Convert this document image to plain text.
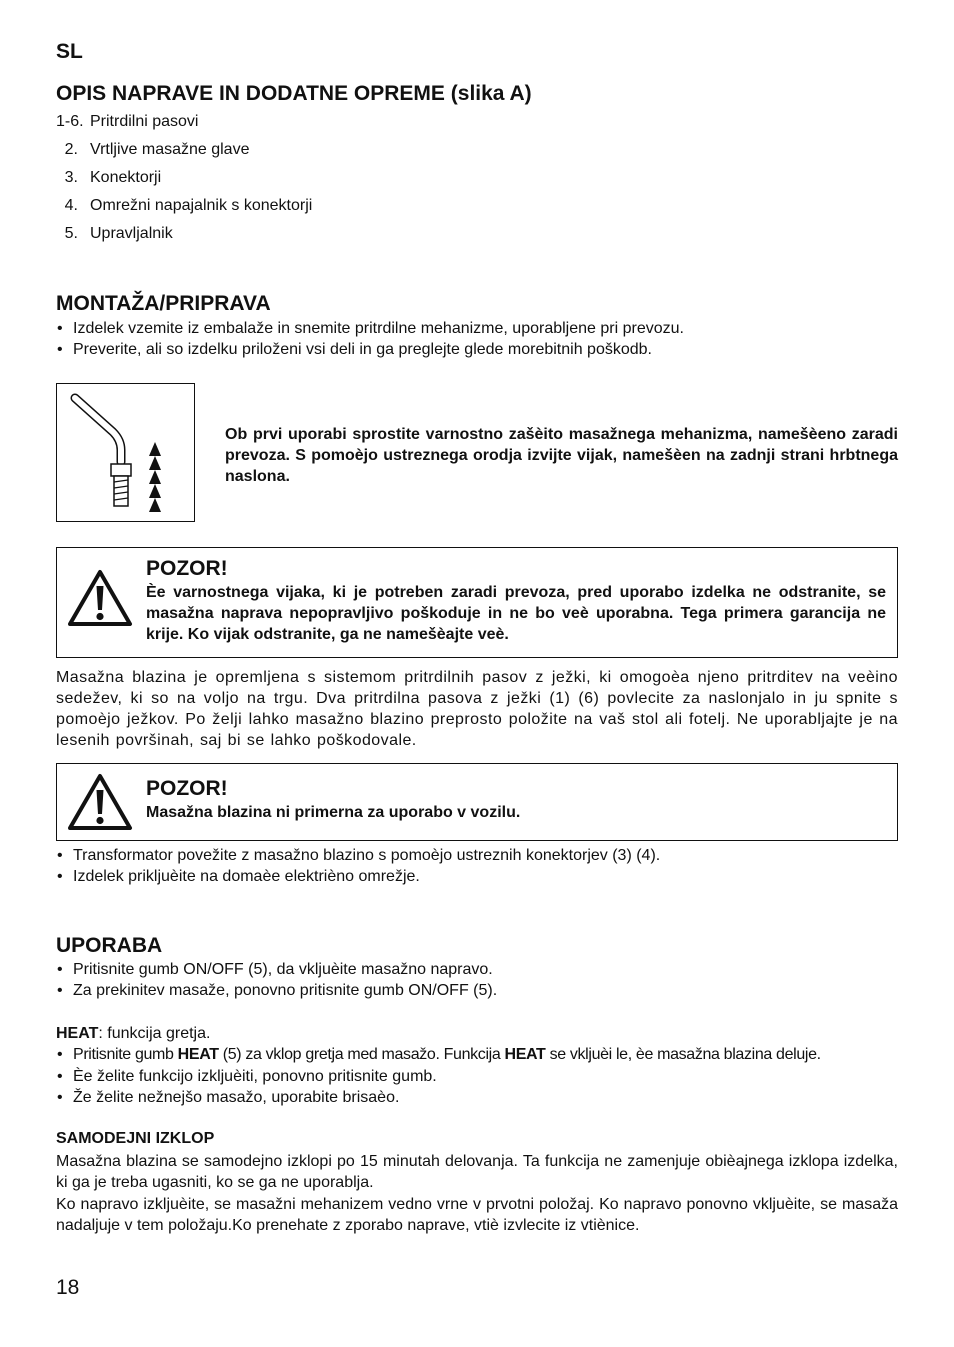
SL
OPIS NAPRAVE IN DODATNE OPREME (slika A)
1-6. Pritrdilni pasovi
2. Vrtljive masažne glave
3. Konektorji
4. Omrežni napajalnik s konektorji
5. Upravljalnik
MONTAŽA/PRIPRAVA
• Izdelek vzemite iz embalaže in snemite pritrdilne mehanizme, uporabljene pri prevozu.
• Preverite, ali so izdelku priloženi vsi deli in ga preglejte glede morebitnih poškodb.
Ob prvi uporabi sprostite varnostno zašèito masažnega mehanizma, namešèeno zaradi prevoza. S pomoèjo ustreznega orodja izvijte vijak, namešèen na zadnji strani hrbtnega naslona.
POZOR!
Èe varnostnega vijaka, ki je potreben zaradi prevoza, pred uporabo izdelka ne odstranite, se masažna naprava nepopravljivo poškoduje in ne bo veè uporabna. Tega primera garancija ne krije. Ko vijak odstranite, ga ne namešèajte veè.
Masažna blazina je opremljena s sistemom pritrdilnih pasov z ježki, ki omogoèa njeno pritrditev na veèino sedežev, ki so na voljo na trgu. Dva pritrdilna pasova z ježki (1) (6) povlecite za naslonjalo in ju spnite s pomoèjo ježkov. Po želji lahko masažno blazino preprosto položite na vaš stol ali fotelj. Ne uporabljajte je na lesenih površinah, saj bi se lahko poškodovale.
POZOR!
Masažna blazina ni primerna za uporabo v vozilu.
• Transformator povežite z masažno blazino s pomoèjo ustreznih konektorjev (3) (4).
• Izdelek prikljuèite na domaèe elektrièno omrežje.
UPORABA
• Pritisnite gumb ON/OFF (5), da vkljuèite masažno napravo.
• Za prekinitev masaže, ponovno pritisnite gumb ON/OFF (5).
HEAT: funkcija gretja.
• Pritisnite gumb HEAT (5) za vklop gretja med masažo. Funkcija HEAT se vkljuèi le, èe masažna blazina deluje.
• Èe želite funkcijo izkljuèiti, ponovno pritisnite gumb.
• Že želite nežnejšo masažo, uporabite brisaèo.
SAMODEJNI IZKLOP
Masažna blazina se samodejno izklopi po 15 minutah delovanja. Ta funkcija ne zamenjuje obièajnega izklopa izdelka, ki ga je treba ugasniti, ko se ga ne uporablja.
Ko napravo izkljuèite, se masažni mehanizem vedno vrne v prvotni položaj. Ko napravo ponovno vkljuèite, se masaža nadaljuje v tem položaju.Ko prenehate z zporabo naprave, vtiè izvlecite iz vtiènice.
18
